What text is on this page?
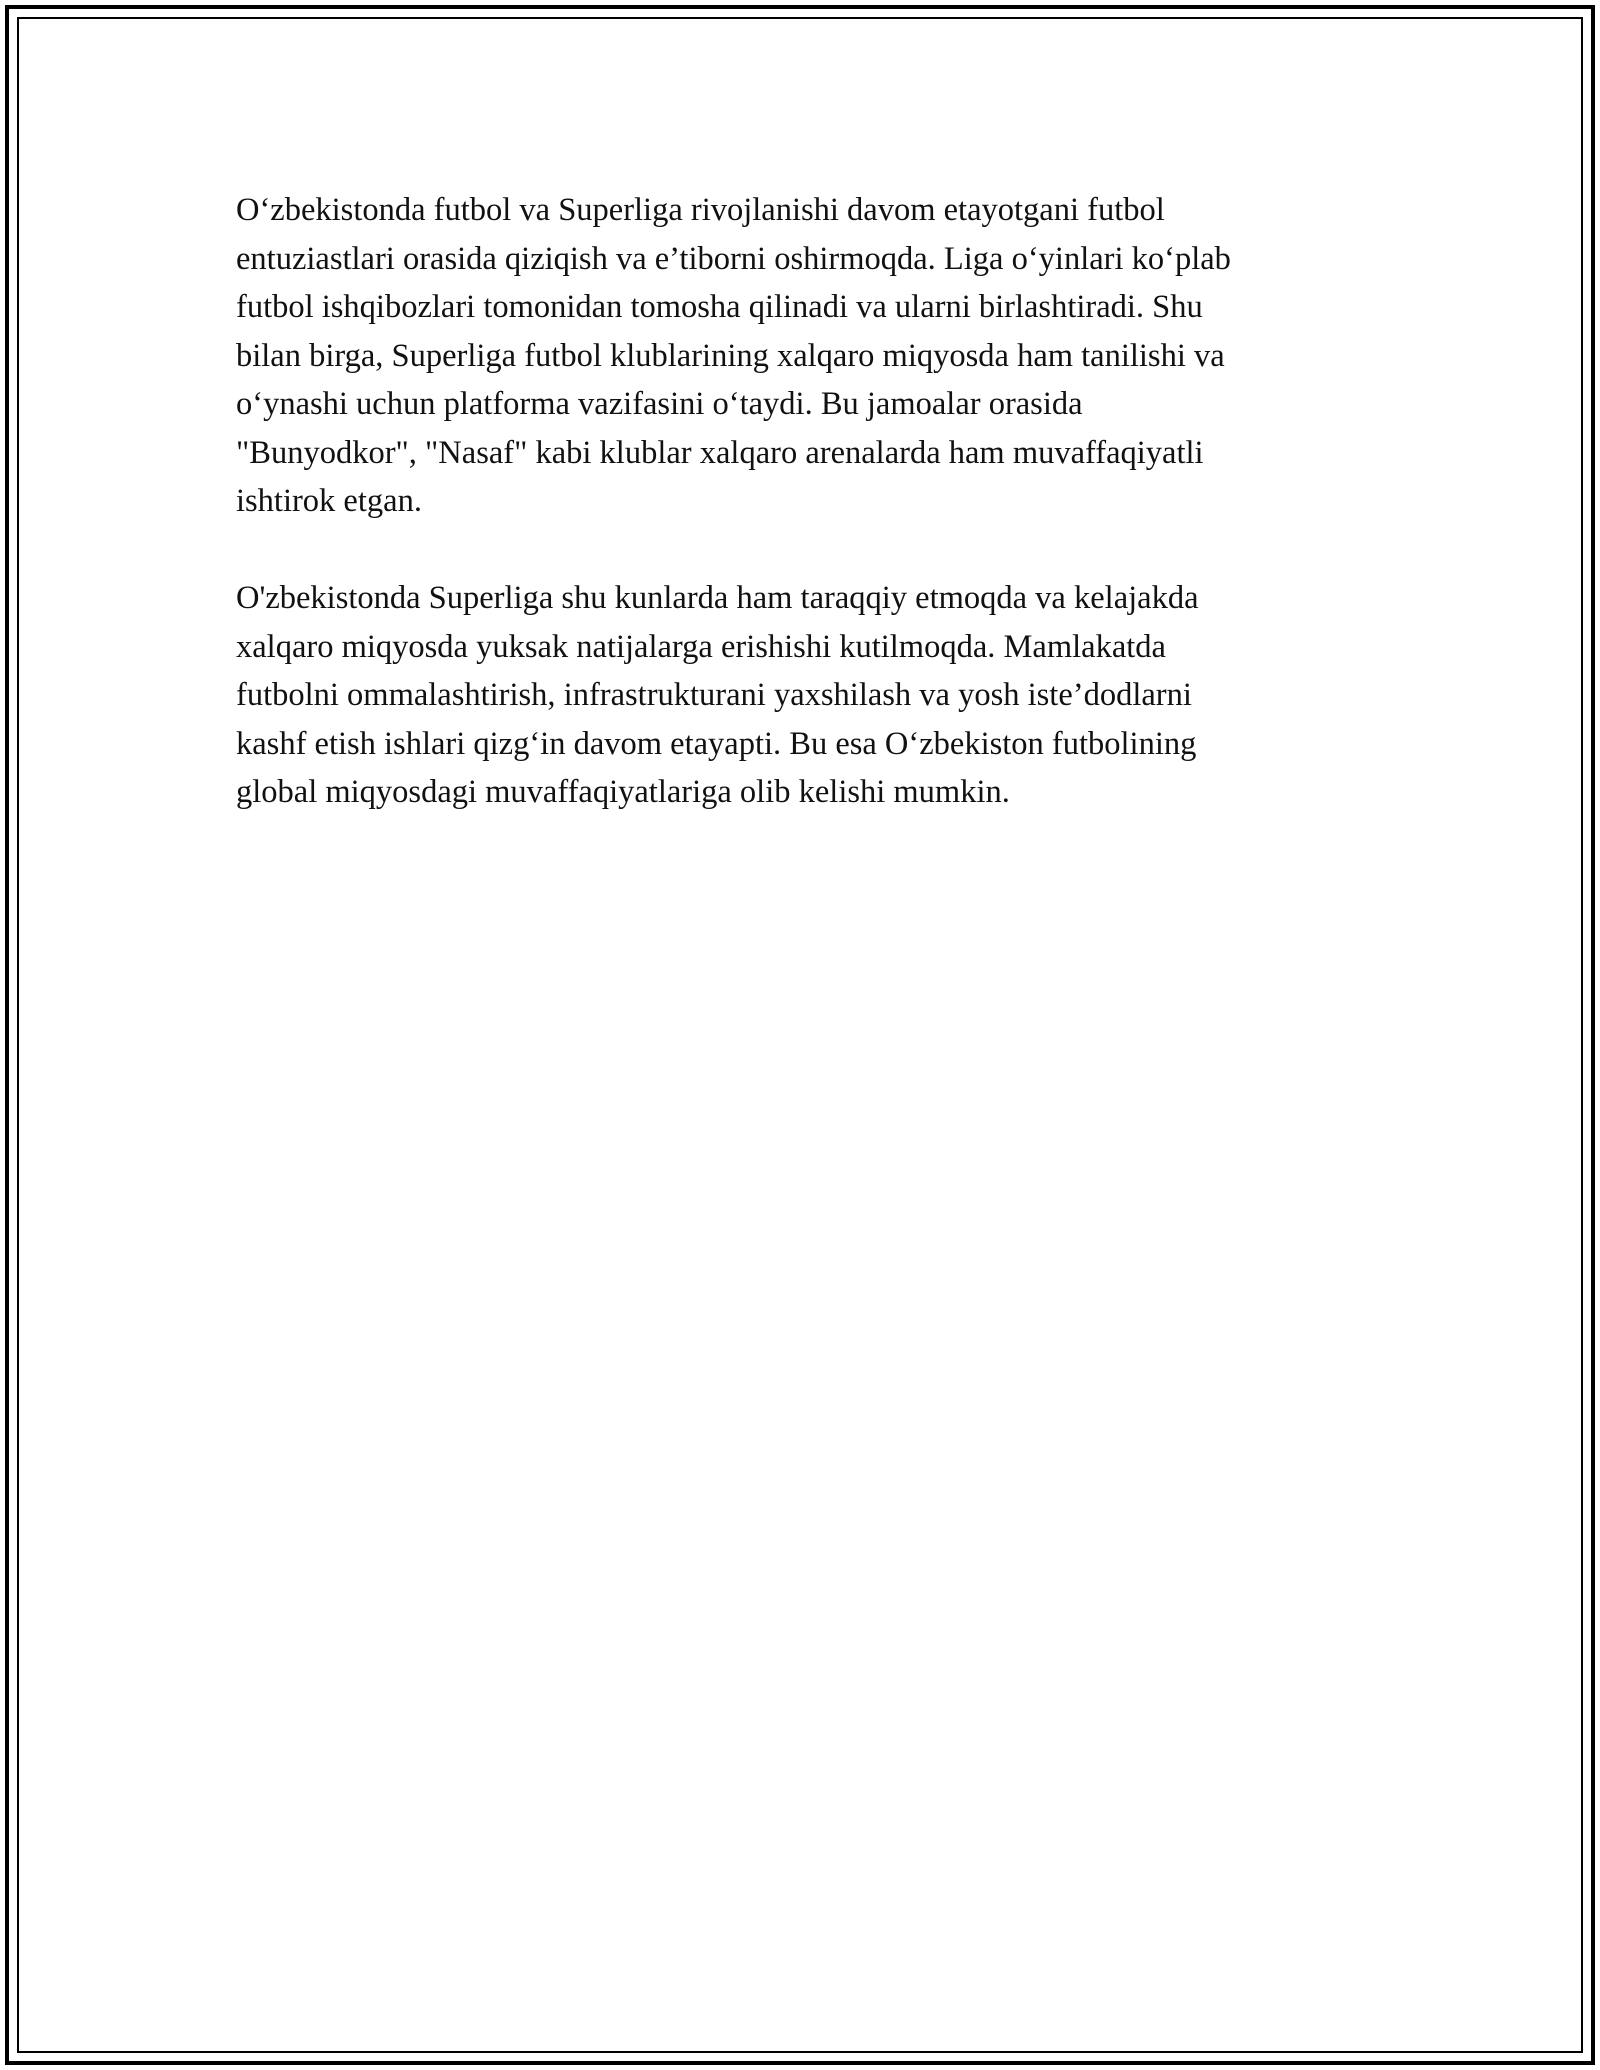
O‘zbekistonda futbol va Superliga rivojlanishi davom etayotgani futbol
entuziastlari orasida qiziqish va e’tiborni oshirmoqda. Liga o‘yinlari ko‘plab
futbol ishqibozlari tomonidan tomosha qilinadi va ularni birlashtiradi. Shu
bilan birga, Superliga futbol klublarining xalqaro miqyosda ham tanilishi va
o‘ynashi uchun platforma vazifasini o‘taydi. Bu jamoalar orasida
"Bunyodkor", "Nasaf" kabi klublar xalqaro arenalarda ham muvaffaqiyatli
ishtirok etgan.

O'zbekistonda Superliga shu kunlarda ham taraqqiy etmoqda va kelajakda
xalqaro miqyosda yuksak natijalarga erishishi kutilmoqda. Mamlakatda
futbolni ommalashtirish, infrastrukturani yaxshilash va yosh iste’dodlarni
kashf etish ishlari qizg‘in davom etayapti. Bu esa O‘zbekiston futbolining
global miqyosdagi muvaffaqiyatlariga olib kelishi mumkin.
